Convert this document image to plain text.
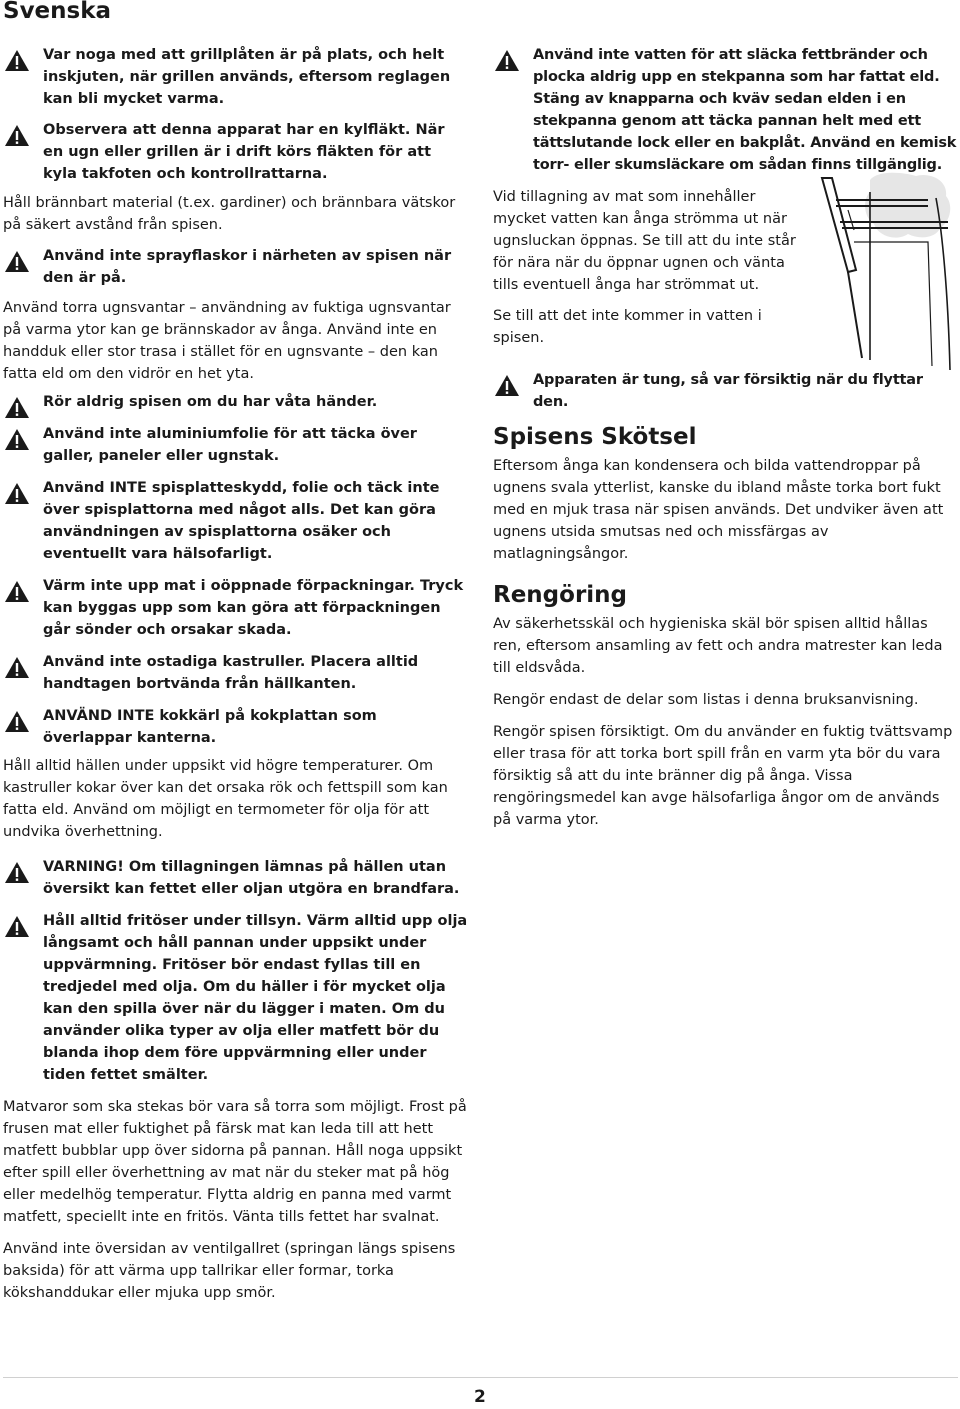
Svenska

Var noga med att grillplåten är på plats, och helt inskjuten, när grillen används, eftersom reglagen kan bli mycket varma.

Observera att denna apparat har en kylfläkt. När en ugn eller grillen är i drift körs fläkten för att kyla takfoten och kontrollrattarna.

Håll brännbart material (t.ex. gardiner) och brännbara vätskor på säkert avstånd från spisen.

Använd inte sprayflaskor i närheten av spisen när den är på.

Använd torra ugnsvantar – användning av fuktiga ugnsvantar på varma ytor kan ge brännskador av ånga. Använd inte en handduk eller stor trasa i stället för en ugnsvante – den kan fatta eld om den vidrör en het yta.

Rör aldrig spisen om du har våta händer.

Använd inte aluminiumfolie för att täcka över galler, paneler eller ugnstak.

Använd INTE spisplatteskydd, folie och täck inte över spisplattorna med något alls. Det kan göra användningen av spisplattorna osäker och eventuellt vara hälsofarligt.

Värm inte upp mat i oöppnade förpackningar. Tryck kan byggas upp som kan göra att förpackningen går sönder och orsakar skada.

Använd inte ostadiga kastruller. Placera alltid handtagen bortvända från hällkanten.

ANVÄND INTE kokkärl på kokplattan som överlappar kanterna.

Håll alltid hällen under uppsikt vid högre temperaturer. Om kastruller kokar över kan det orsaka rök och fettspill som kan fatta eld. Använd om möjligt en termometer för olja för att undvika överhettning.

VARNING! Om tillagningen lämnas på hällen utan översikt kan fettet eller oljan utgöra en brandfara.

Håll alltid fritöser under tillsyn. Värm alltid upp olja långsamt och håll pannan under uppsikt under uppvärmning. Fritöser bör endast fyllas till en tredjedel med olja. Om du häller i för mycket olja kan den spilla över när du lägger i maten. Om du använder olika typer av olja eller matfett bör du blanda ihop dem före uppvärmning eller under tiden fettet smälter.

Matvaror som ska stekas bör vara så torra som möjligt. Frost på frusen mat eller fuktighet på färsk mat kan leda till att hett matfett bubblar upp över sidorna på pannan. Håll noga uppsikt efter spill eller överhettning av mat när du steker mat på hög eller medelhög temperatur. Flytta aldrig en panna med varmt matfett, speciellt inte en fritös. Vänta tills fettet har svalnat.

Använd inte översidan av ventilgallret (springan längs spisens baksida) för att värma upp tallrikar eller formar, torka kökshanddukar eller mjuka upp smör.

Använd inte vatten för att släcka fettbränder och plocka aldrig upp en stekpanna som har fattat eld. Stäng av knapparna och kväv sedan elden i en stekpanna genom att täcka pannan helt med ett tättslutande lock eller en bakplåt. Använd en kemisk torr- eller skumsläckare om sådan finns tillgänglig.

Vid tillagning av mat som innehåller mycket vatten kan ånga strömma ut när ugnsluckan öppnas. Se till att du inte står för nära när du öppnar ugnen och vänta tills eventuell ånga har strömmat ut.

Se till att det inte kommer in vatten i spisen.

Apparaten är tung, så var försiktig när du flyttar den.

Spisens Skötsel

Eftersom ånga kan kondensera och bilda vattendroppar på ugnens svala ytterlist, kanske du ibland måste torka bort fukt med en mjuk trasa när spisen används. Det undviker även att ugnens utsida smutsas ned och missfärgas av matlagningsångor.

Rengöring

Av säkerhetsskäl och hygieniska skäl bör spisen alltid hållas ren, eftersom ansamling av fett och andra matrester kan leda till eldsvåda.

Rengör endast de delar som listas i denna bruksanvisning.

Rengör spisen försiktigt. Om du använder en fuktig tvättsvamp eller trasa för att torka bort spill från en varm yta bör du vara försiktig så att du inte bränner dig på ånga. Vissa rengöringsmedel kan avge hälsofarliga ångor om de används på varma ytor.

2
